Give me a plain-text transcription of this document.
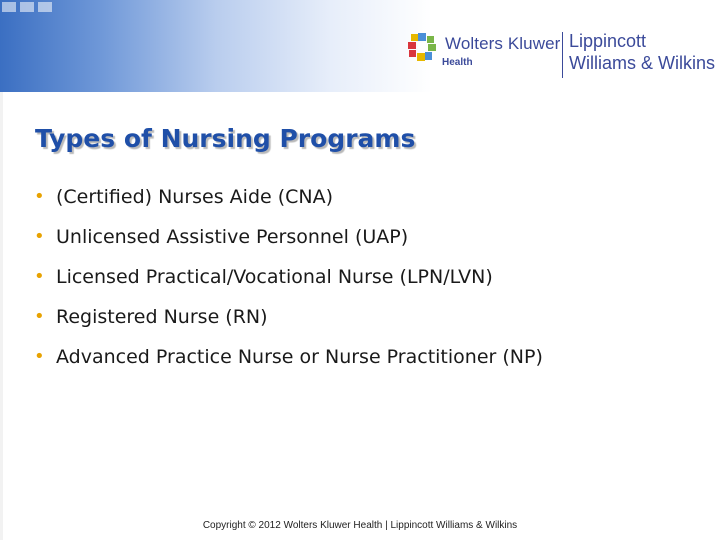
Wolters Kluwer
Health
Lippincott
Williams & Wilkins
Types of Nursing Programs
• (Certified) Nurses Aide (CNA)
• Unlicensed Assistive Personnel (UAP)
• Licensed Practical/Vocational Nurse (LPN/LVN)
• Registered Nurse (RN)
• Advanced Practice Nurse or Nurse Practitioner (NP)
Copyright © 2012 Wolters Kluwer Health | Lippincott Williams & Wilkins
